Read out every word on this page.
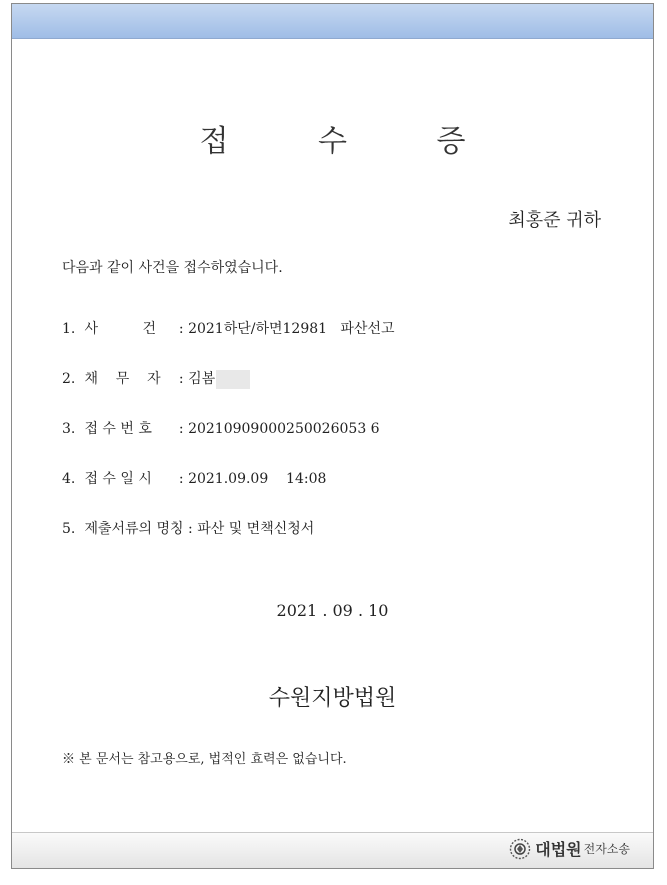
접 수 증
최홍준 귀하
다음과 같이 사건을 접수하였습니다.
1. 사          건 : 2021하단/하면12981   파산선고
2. 채    무    자 : 김봄
3. 접 수 번 호 : 20210909000250026053 6
4. 접 수 일 시 : 2021.09.09    14:08
5. 제출서류의 명칭 : 파산 및 면책신청서
2021 . 09 . 10
수원지방법원
※ 본 문서는 참고용으로, 법적인 효력은 없습니다.
대법원 전자소송
